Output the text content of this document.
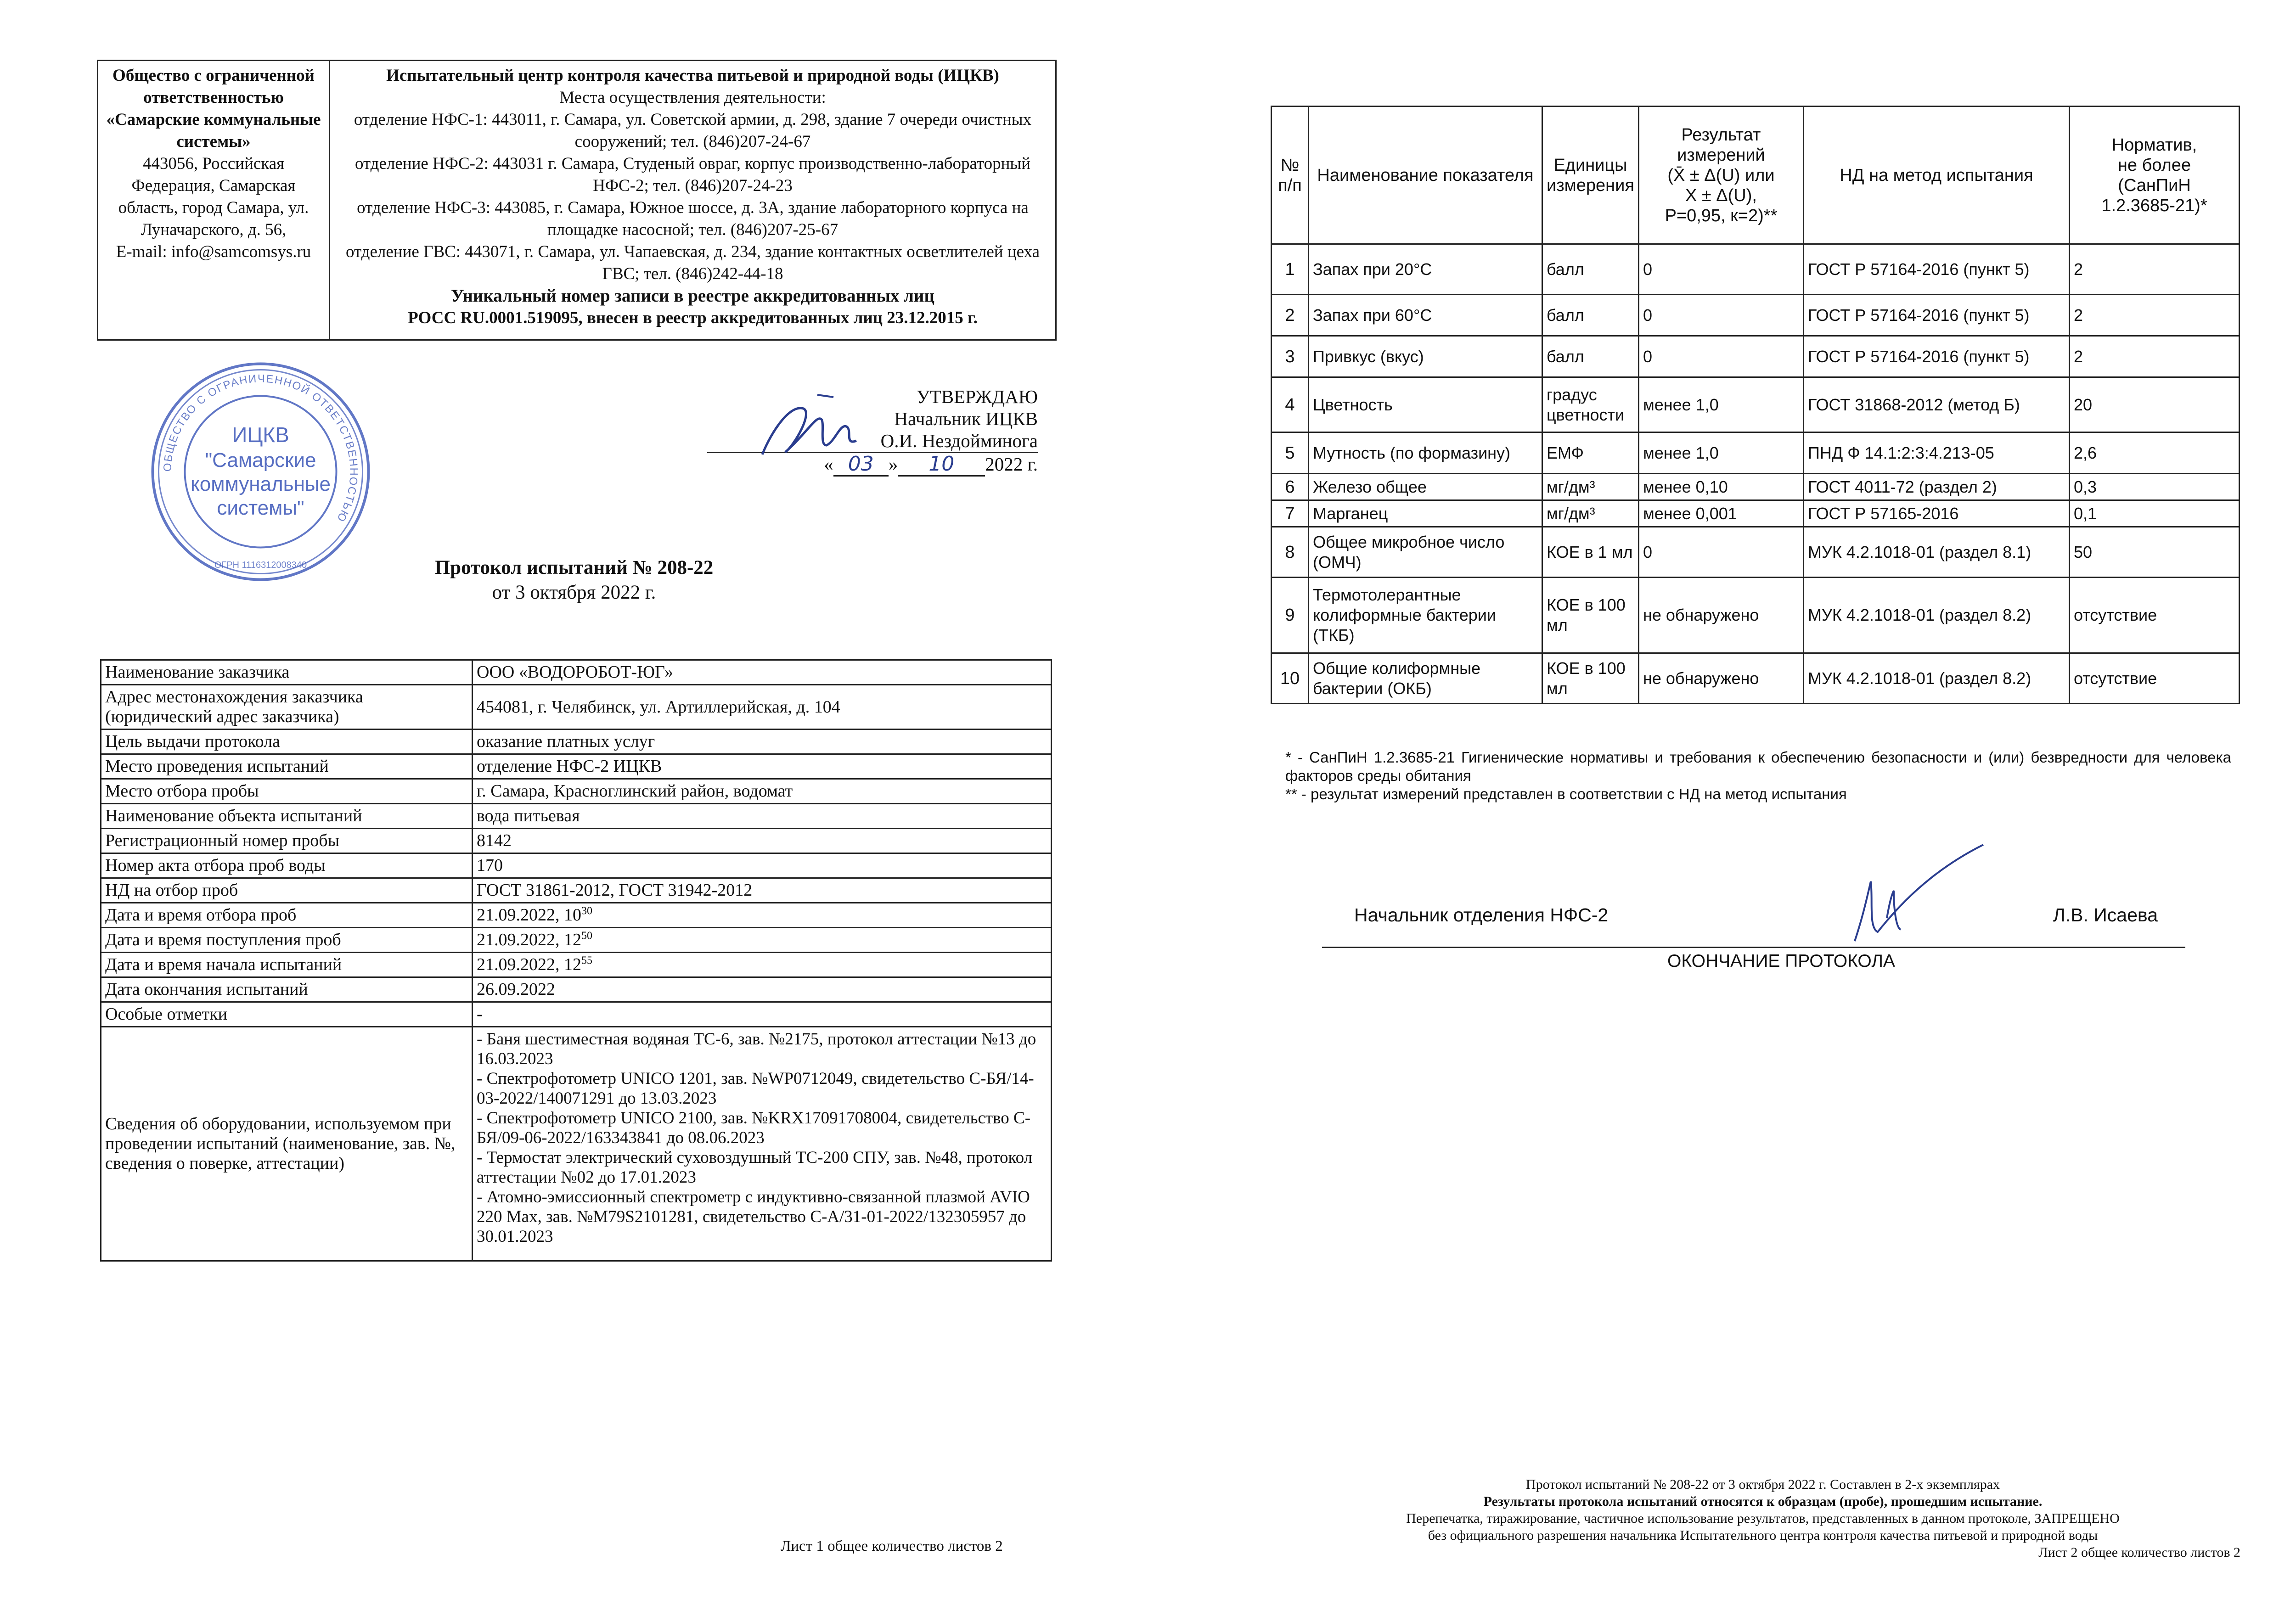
Общество с ограниченной ответственностью «Самарские коммунальные системы»
443056, Российская Федерация, Самарская область, город Самара, ул. Луначарского, д. 56,
E-mail: info@samcomsys.ru

Испытательный центр контроля качества питьевой и природной воды (ИЦКВ)
Места осуществления деятельности:
отделение НФС-1: 443011, г. Самара, ул. Советской армии, д. 298, здание 7 очереди очистных сооружений; тел. (846)207-24-67
отделение НФС-2: 443031 г. Самара, Студеный овраг, корпус производственно-лабораторный НФС-2; тел. (846)207-24-23
отделение НФС-3: 443085, г. Самара, Южное шоссе, д. 3А, здание лабораторного корпуса на площадке насосной; тел. (846)207-25-67
отделение ГВС: 443071, г. Самара, ул. Чапаевская, д. 234, здание контактных осветлителей цеха ГВС; тел. (846)242-44-18
Уникальный номер записи в реестре аккредитованных лиц
РОСС RU.0001.519095, внесен в реестр аккредитованных лиц 23.12.2015 г.
ОБЩЕСТВО С ОГРАНИЧЕННОЙ ОТВЕТСТВЕННОСТЬЮ
ОГРН 1116312008340
ИЦКВ
"Самарские
коммунальные
системы"
УТВЕРЖДАЮ
Начальник ИЦКВ
О.И. Нездойминога
« 03 » 10 2022 г.
Протокол испытаний № 208-22
от 3 октября 2022 г.
Наименование заказчика	ООО «ВОДОРОБОТ-ЮГ»
Адрес местонахождения заказчика (юридический адрес заказчика)	454081, г. Челябинск, ул. Артиллерийская, д. 104
Цель выдачи протокола	оказание платных услуг
Место проведения испытаний	отделение НФС-2 ИЦКВ
Место отбора пробы	г. Самара, Красноглинский район, водомат
Наименование объекта испытаний	вода питьевая
Регистрационный номер пробы	8142
Номер акта отбора проб воды	170
НД на отбор проб	ГОСТ 31861-2012, ГОСТ 31942-2012
Дата и время отбора проб	21.09.2022, $10^{30}$
Дата и время поступления проб	21.09.2022, $12^{50}$
Дата и время начала испытаний	21.09.2022, $12^{55}$
Дата окончания испытаний	26.09.2022
Особые отметки	-
Сведения об оборудовании, используемом при проведении испытаний (наименование, зав. №, сведения о поверке, аттестации)	- Баня шестиместная водяная ТС-6, зав. №2175, протокол аттестации №13 до 16.03.2023
- Спектрофотометр UNICO 1201, зав. №WP0712049, свидетельство С-БЯ/14-03-2022/140071291 до 13.03.2023
- Спектрофотометр UNICO 2100, зав. №KRX17091708004, свидетельство С-БЯ/09-06-2022/163343841 до 08.06.2023
- Термостат электрический суховоздушный ТС-200 СПУ, зав. №48, протокол аттестации №02 до 17.01.2023
- Атомно-эмиссионный спектрометр с индуктивно-связанной плазмой AVIO 220 Max, зав. №M79S2101281, свидетельство С-А/31-01-2022/132305957 до 30.01.2023
Лист 1 общее количество листов 2
№ п/п	Наименование показателя	Единицы измерения	Результат
измерений
(X̄ ± Δ(U) или
X ± Δ(U),
P=0,95, к=2)**	НД на метод испытания	Норматив,
не более
(СанПиН
1.2.3685-21)*

1	Запах при 20°С	балл	0	ГОСТ Р 57164-2016 (пункт 5)	2
2	Запах при 60°С	балл	0	ГОСТ Р 57164-2016 (пункт 5)	2
3	Привкус (вкус)	балл	0	ГОСТ Р 57164-2016 (пункт 5)	2
4	Цветность	градус цветности	менее 1,0	ГОСТ 31868-2012 (метод Б)	20
5	Мутность (по формазину)	ЕМФ	менее 1,0	ПНД Ф 14.1:2:3:4.213-05	2,6
6	Железо общее	мг/дм³	менее 0,10	ГОСТ 4011-72 (раздел 2)	0,3
7	Марганец	мг/дм³	менее 0,001	ГОСТ Р 57165-2016	0,1
8	Общее микробное число (ОМЧ)	КОЕ в 1 мл	0	МУК 4.2.1018-01 (раздел 8.1)	50
9	Термотолерантные колиформные бактерии (ТКБ)	КОЕ в 100 мл	не обнаружено	МУК 4.2.1018-01 (раздел 8.2)	отсутствие
10	Общие колиформные бактерии (ОКБ)	КОЕ в 100 мл	не обнаружено	МУК 4.2.1018-01 (раздел 8.2)	отсутствие
* - СанПиН 1.2.3685-21 Гигиенические нормативы и требования к обеспечению безопасности и (или) безвредности для человека факторов среды обитания
** - результат измерений представлен в соответствии с НД на метод испытания
Начальник отделения НФС-2	Л.В. Исаева
ОКОНЧАНИЕ ПРОТОКОЛА
Протокол испытаний № 208-22 от 3 октября 2022 г. Составлен в 2-х экземплярах
Результаты протокола испытаний относятся к образцам (пробе), прошедшим испытание.
Перепечатка, тиражирование, частичное использование результатов, представленных в данном протоколе, ЗАПРЕЩЕНО
без официального разрешения начальника Испытательного центра контроля качества питьевой и природной воды
Лист 2 общее количество листов 2
